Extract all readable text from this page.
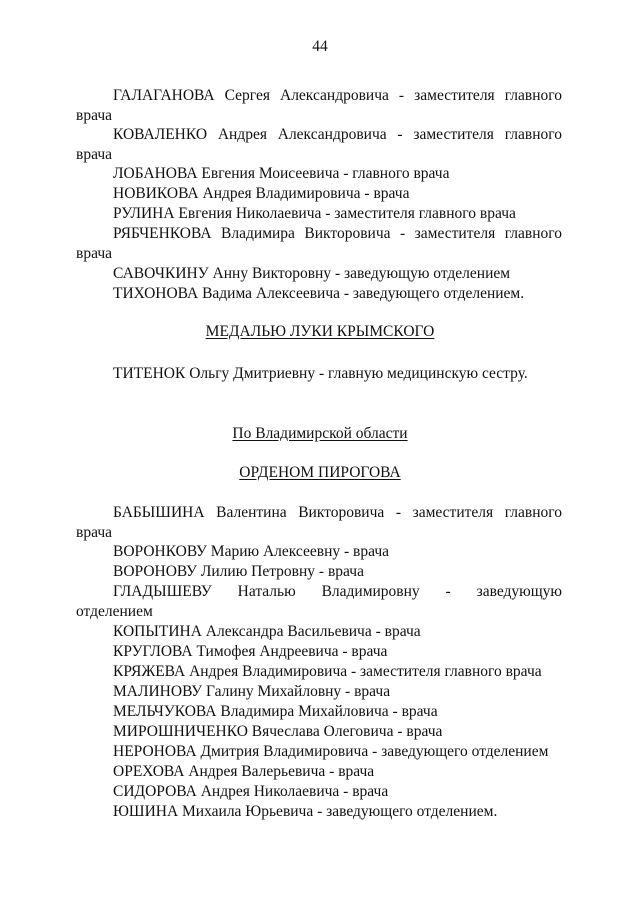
44
ГАЛАГАНОВА Сергея Александровича - заместителя главного
врача
КОВАЛЕНКО Андрея Александровича - заместителя главного
врача
ЛОБАНОВА Евгения Моисеевича - главного врача
НОВИКОВА Андрея Владимировича - врача
РУЛИНА Евгения Николаевича - заместителя главного врача
РЯБЧЕНКОВА Владимира Викторовича - заместителя главного
врача
САВОЧКИНУ Анну Викторовну - заведующую отделением
ТИХОНОВА Вадима Алексеевича - заведующего отделением.
МЕДАЛЬЮ ЛУКИ КРЫМСКОГО
ТИТЕНОК Ольгу Дмитриевну - главную медицинскую сестру.
По Владимирской области
ОРДЕНОМ ПИРОГОВА
БАБЫШИНА Валентина Викторовича - заместителя главного
врача
ВОРОНКОВУ Марию Алексеевну - врача
ВОРОНОВУ Лилию Петровну - врача
ГЛАДЫШЕВУ Наталью Владимировну - заведующую
отделением
КОПЫТИНА Александра Васильевича - врача
КРУГЛОВА Тимофея Андреевича - врача
КРЯЖЕВА Андрея Владимировича - заместителя главного врача
МАЛИНОВУ Галину Михайловну - врача
МЕЛЬЧУКОВА Владимира Михайловича - врача
МИРОШНИЧЕНКО Вячеслава Олеговича - врача
НЕРОНОВА Дмитрия Владимировича - заведующего отделением
ОРЕХОВА Андрея Валерьевича - врача
СИДОРОВА Андрея Николаевича - врача
ЮШИНА Михаила Юрьевича - заведующего отделением.
